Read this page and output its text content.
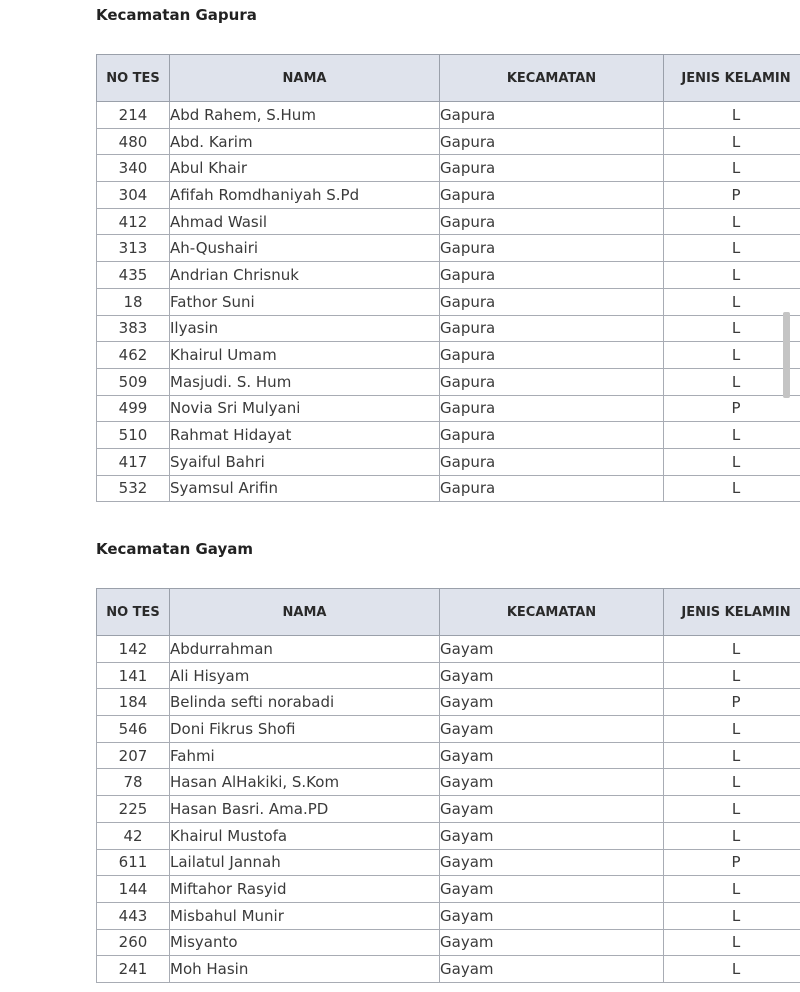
Kecamatan Gapura
NO TES	NAMA	KECAMATAN	JENIS KELAMIN
214	Abd Rahem, S.Hum	Gapura	L
480	Abd. Karim	Gapura	L
340	Abul Khair	Gapura	L
304	Afifah Romdhaniyah S.Pd	Gapura	P
412	Ahmad Wasil	Gapura	L
313	Ah-Qushairi	Gapura	L
435	Andrian Chrisnuk	Gapura	L
18	Fathor Suni	Gapura	L
383	Ilyasin	Gapura	L
462	Khairul Umam	Gapura	L
509	Masjudi. S. Hum	Gapura	L
499	Novia Sri Mulyani	Gapura	P
510	Rahmat Hidayat	Gapura	L
417	Syaiful Bahri	Gapura	L
532	Syamsul Arifin	Gapura	L
Kecamatan Gayam
NO TES	NAMA	KECAMATAN	JENIS KELAMIN
142	Abdurrahman	Gayam	L
141	Ali Hisyam	Gayam	L
184	Belinda sefti norabadi	Gayam	P
546	Doni Fikrus Shofi	Gayam	L
207	Fahmi	Gayam	L
78	Hasan AlHakiki, S.Kom	Gayam	L
225	Hasan Basri. Ama.PD	Gayam	L
42	Khairul Mustofa	Gayam	L
611	Lailatul Jannah	Gayam	P
144	Miftahor Rasyid	Gayam	L
443	Misbahul Munir	Gayam	L
260	Misyanto	Gayam	L
241	Moh Hasin	Gayam	L
